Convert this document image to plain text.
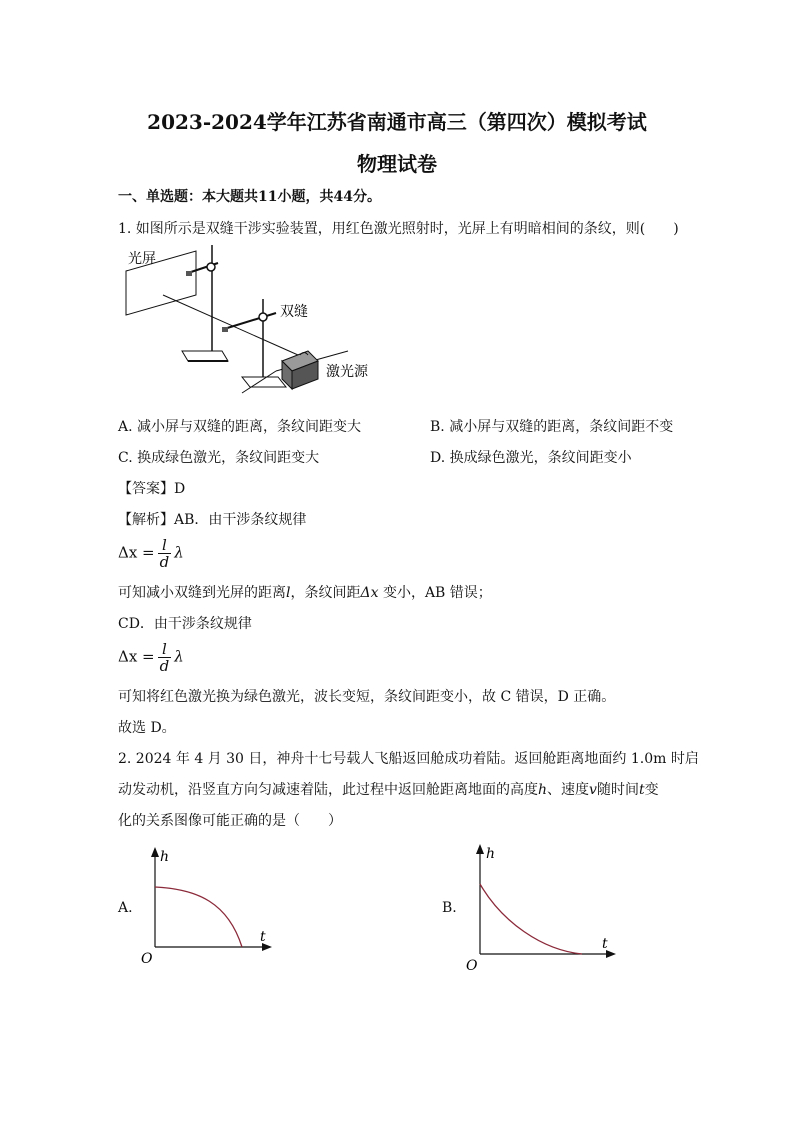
2023-2024学年江苏省南通市高三（第四次）模拟考试
物理试卷
一、单选题：本大题共11小题，共44分。
1. 如图所示是双缝干涉实验装置，用红色激光照射时，光屏上有明暗相间的条纹，则(　　)
光屏
双缝
激光源
A. 减小屏与双缝的距离，条纹间距变大	B. 减小屏与双缝的距离，条纹间距不变
C. 换成绿色激光，条纹间距变大	D. 换成绿色激光，条纹间距变小
【答案】D
【解析】AB．由干涉条纹规律
$\Delta x = \frac{l}{d}$ λ
可知减小双缝到光屏的距离l，条纹间距Δx 变小，AB 错误；
CD．由干涉条纹规律
$\Delta x = \frac{l}{d}$ λ
可知将红色激光换为绿色激光，波长变短，条纹间距变小，故 C 错误，D 正确。
故选 D。
2. 2024 年 4 月 30 日，神舟十七号载人飞船返回舱成功着陆。返回舱距离地面约 1.0m 时启
动发动机，沿竖直方向匀减速着陆，此过程中返回舱距离地面的高度h、速度v随时间t变
化的关系图像可能正确的是（　　）
A.
h
t
O
B.
h
t
O
